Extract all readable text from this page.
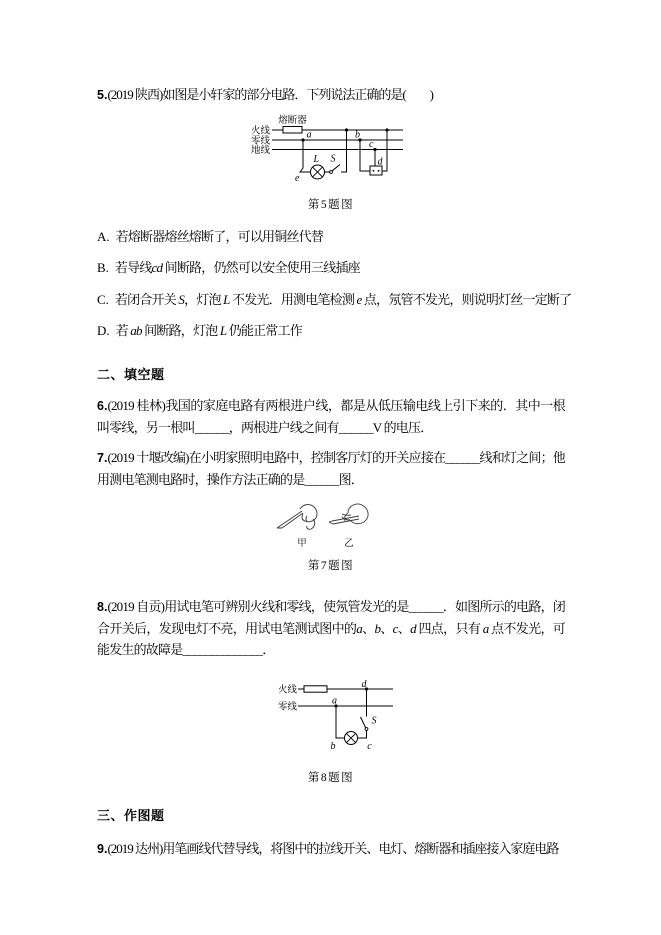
5.(2019 陕西)如图是小轩家的部分电路．下列说法正确的是(　　)

火线
零线
地线
熔断器
a	b
c
d
e
L S

第5题图

A. 若熔断器熔丝熔断了，可以用铜丝代替

B. 若导线cd 间断路，仍然可以安全使用三线插座

C. 若闭合开关 S，灯泡 L 不发光．用测电笔检测 e 点，氖管不发光，则说明灯丝一定断了

D. 若 ab 间断路，灯泡 L 仍能正常工作

二、填空题

6.(2019 桂林)我国的家庭电路有两根进户线，都是从低压输电线上引下来的．其中一根叫零线，另一根叫______，两根进户线之间有______V 的电压．

7.(2019 十堰改编)在小明家照明电路中，控制客厅灯的开关应接在______线和灯之间；他用测电笔测电路时，操作方法正确的是______图．

甲	乙

第7题图

8.(2019 自贡)用试电笔可辨别火线和零线，使氖管发光的是______．如图所示的电路，闭合开关后，发现电灯不亮，用试电笔测试图中的a、b、c、d 四点，只有 a 点不发光，可能发生的故障是______________．

火线
零线
a
d
b	c
S

第8题图

三、作图题

9.(2019 达州)用笔画线代替导线，将图中的拉线开关、电灯、熔断器和插座接入家庭电路
